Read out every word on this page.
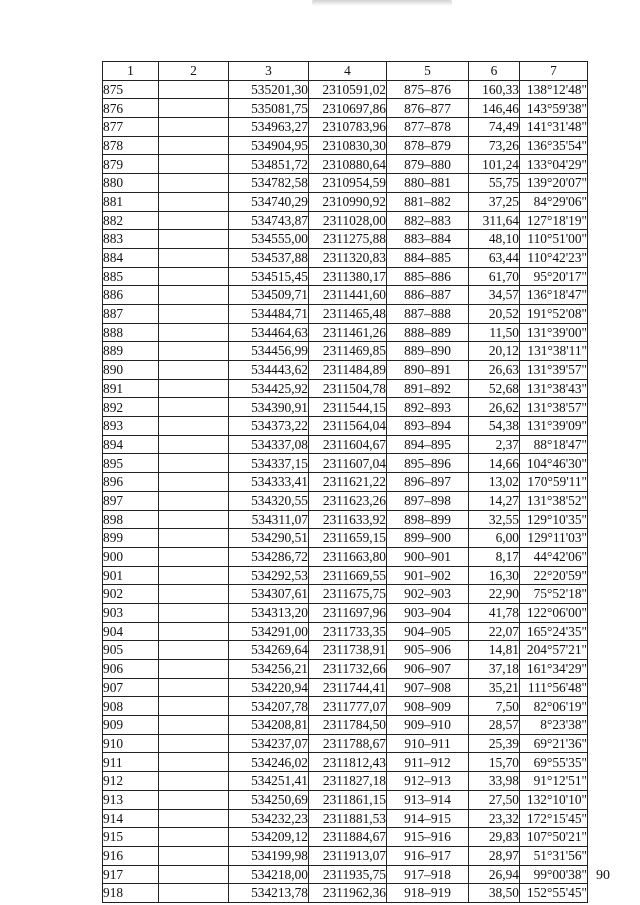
1	2	3	4	5	6	7
875		535201,30	2310591,02	875–876	160,33	138°12'48"
876		535081,75	2310697,86	876–877	146,46	143°59'38"
877		534963,27	2310783,96	877–878	74,49	141°31'48"
878		534904,95	2310830,30	878–879	73,26	136°35'54"
879		534851,72	2310880,64	879–880	101,24	133°04'29"
880		534782,58	2310954,59	880–881	55,75	139°20'07"
881		534740,29	2310990,92	881–882	37,25	84°29'06"
882		534743,87	2311028,00	882–883	311,64	127°18'19"
883		534555,00	2311275,88	883–884	48,10	110°51'00"
884		534537,88	2311320,83	884–885	63,44	110°42'23"
885		534515,45	2311380,17	885–886	61,70	95°20'17"
886		534509,71	2311441,60	886–887	34,57	136°18'47"
887		534484,71	2311465,48	887–888	20,52	191°52'08"
888		534464,63	2311461,26	888–889	11,50	131°39'00"
889		534456,99	2311469,85	889–890	20,12	131°38'11"
890		534443,62	2311484,89	890–891	26,63	131°39'57"
891		534425,92	2311504,78	891–892	52,68	131°38'43"
892		534390,91	2311544,15	892–893	26,62	131°38'57"
893		534373,22	2311564,04	893–894	54,38	131°39'09"
894		534337,08	2311604,67	894–895	2,37	88°18'47"
895		534337,15	2311607,04	895–896	14,66	104°46'30"
896		534333,41	2311621,22	896–897	13,02	170°59'11"
897		534320,55	2311623,26	897–898	14,27	131°38'52"
898		534311,07	2311633,92	898–899	32,55	129°10'35"
899		534290,51	2311659,15	899–900	6,00	129°11'03"
900		534286,72	2311663,80	900–901	8,17	44°42'06"
901		534292,53	2311669,55	901–902	16,30	22°20'59"
902		534307,61	2311675,75	902–903	22,90	75°52'18"
903		534313,20	2311697,96	903–904	41,78	122°06'00"
904		534291,00	2311733,35	904–905	22,07	165°24'35"
905		534269,64	2311738,91	905–906	14,81	204°57'21"
906		534256,21	2311732,66	906–907	37,18	161°34'29"
907		534220,94	2311744,41	907–908	35,21	111°56'48"
908		534207,78	2311777,07	908–909	7,50	82°06'19"
909		534208,81	2311784,50	909–910	28,57	8°23'38"
910		534237,07	2311788,67	910–911	25,39	69°21'36"
911		534246,02	2311812,43	911–912	15,70	69°55'35"
912		534251,41	2311827,18	912–913	33,98	91°12'51"
913		534250,69	2311861,15	913–914	27,50	132°10'10"
914		534232,23	2311881,53	914–915	23,32	172°15'45"
915		534209,12	2311884,67	915–916	29,83	107°50'21"
916		534199,98	2311913,07	916–917	28,97	51°31'56"
917		534218,00	2311935,75	917–918	26,94	99°00'38"
918		534213,78	2311962,36	918–919	38,50	152°55'45"
90
